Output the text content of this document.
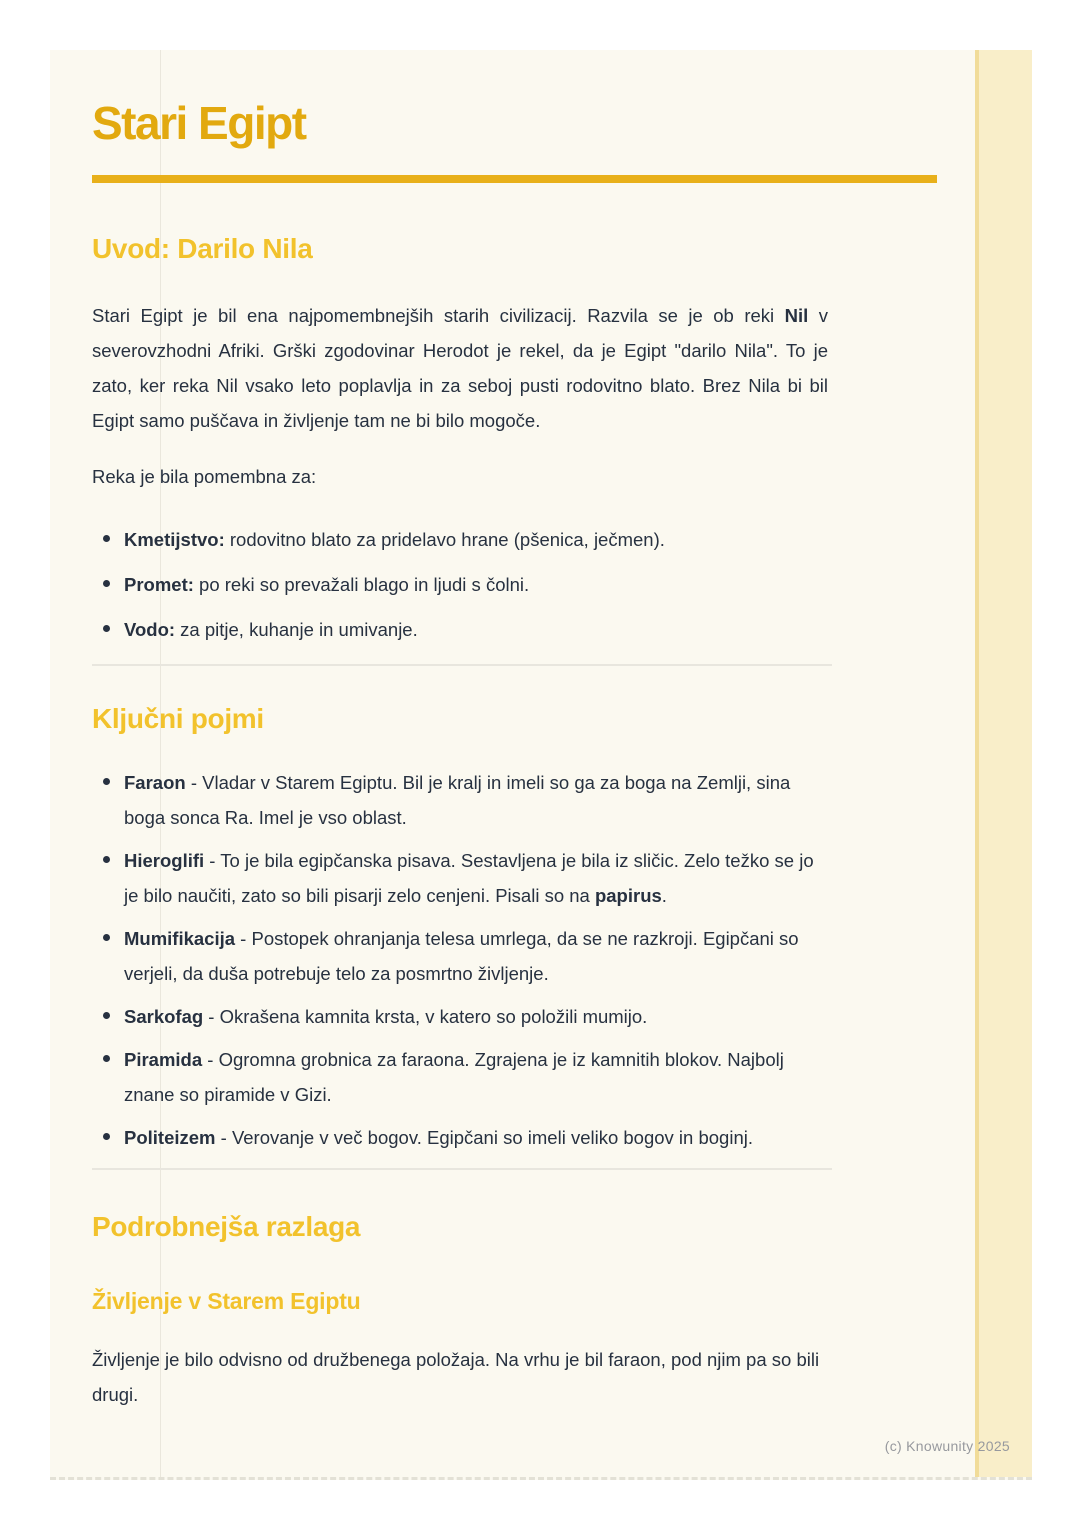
Stari Egipt
Uvod: Darilo Nila

Stari Egipt je bil ena najpomembnejših starih civilizacij. Razvila se je ob reki Nil v severovzhodni Afriki. Grški zgodovinar Herodot je rekel, da je Egipt "darilo Nila". To je zato, ker reka Nil vsako leto poplavlja in za seboj pusti rodovitno blato. Brez Nila bi bil Egipt samo puščava in življenje tam ne bi bilo mogoče.

Reka je bila pomembna za:

Kmetijstvo: rodovitno blato za pridelavo hrane (pšenica, ječmen).
Promet: po reki so prevažali blago in ljudi s čolni.
Vodo: za pitje, kuhanje in umivanje.
Ključni pojmi
Faraon - Vladar v Starem Egiptu. Bil je kralj in imeli so ga za boga na Zemlji, sina boga sonca Ra. Imel je vso oblast.
Hieroglifi - To je bila egipčanska pisava. Sestavljena je bila iz sličic. Zelo težko se jo je bilo naučiti, zato so bili pisarji zelo cenjeni. Pisali so na papirus.
Mumifikacija - Postopek ohranjanja telesa umrlega, da se ne razkroji. Egipčani so verjeli, da duša potrebuje telo za posmrtno življenje.
Sarkofag - Okrašena kamnita krsta, v katero so položili mumijo.
Piramida - Ogromna grobnica za faraona. Zgrajena je iz kamnitih blokov. Najbolj znane so piramide v Gizi.
Politeizem - Verovanje v več bogov. Egipčani so imeli veliko bogov in boginj.
Podrobnejša razlaga
Življenje v Starem Egiptu

Življenje je bilo odvisno od družbenega položaja. Na vrhu je bil faraon, pod njim pa so bili drugi.

(c) Knowunity 2025
